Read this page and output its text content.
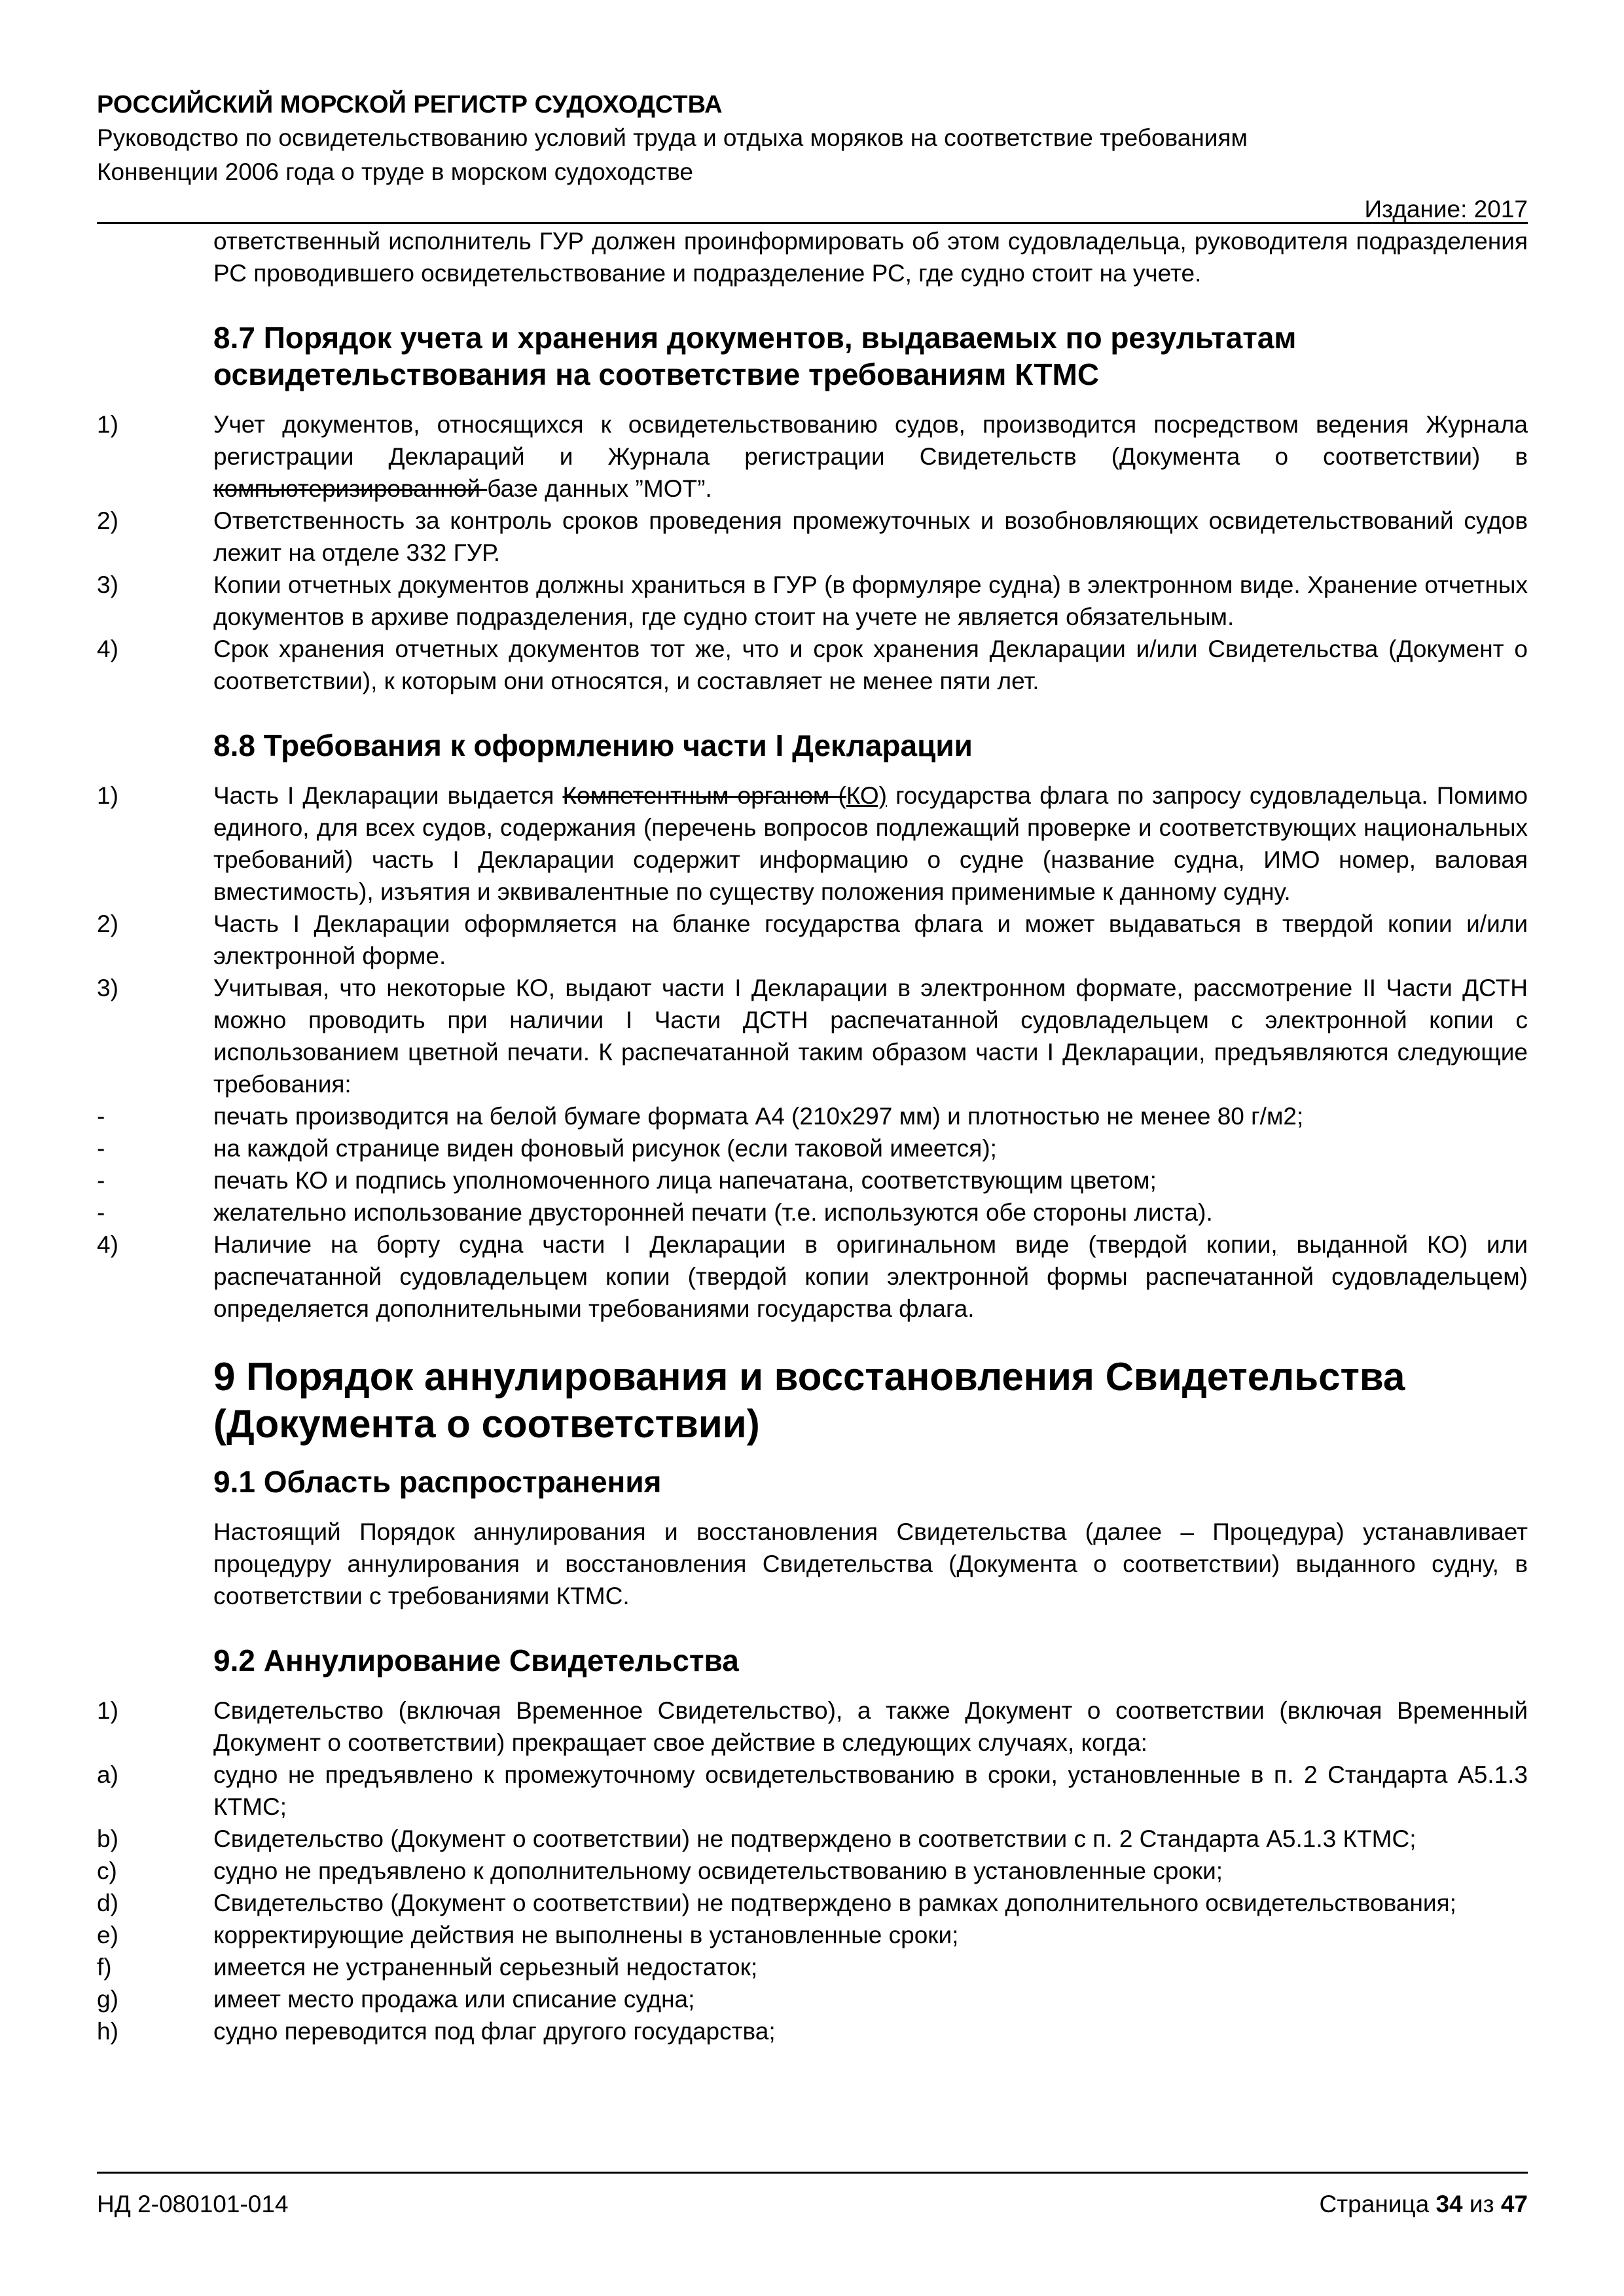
РОССИЙСКИЙ МОРСКОЙ РЕГИСТР СУДОХОДСТВА

Руководство по освидетельствованию условий труда и отдыха моряков на соответствие требованиям

Конвенции 2006 года о труде в морском судоходстве

Издание: 2017

ответственный исполнитель ГУР должен проинформировать об этом судовладельца, руководителя подразделения РС проводившего освидетельствование и подразделение РС, где судно стоит на учете.

8.7 Порядок учета и хранения документов, выдаваемых по результатам
освидетельствования на соответствие требованиям КТМС
1)	Учет документов, относящихся к освидетельствованию судов, производится посредством ведения Журнала регистрации Деклараций и Журнала регистрации Свидетельств (Документа о соответствии) в компьютеризированной базе данных ”МОТ”.

2)	Ответственность за контроль сроков проведения промежуточных и возобновляющих освидетельствований судов лежит на отделе 332 ГУР.

3)	Копии отчетных документов должны храниться в ГУР (в формуляре судна) в электронном виде. Хранение отчетных документов в архиве подразделения, где судно стоит на учете не является обязательным.

4)	Срок хранения отчетных документов тот же, что и срок хранения Декларации и/или Свидетельства (Документ о соответствии), к которым они относятся, и составляет не менее пяти лет.

8.8 Требования к оформлению части I Декларации
1)	Часть I Декларации выдается Компетентным органом (КО) государства флага по запросу судовладельца. Помимо единого, для всех судов, содержания (перечень вопросов подлежащий проверке и соответствующих национальных требований) часть I Декларации содержит информацию о судне (название судна, ИМО номер, валовая вместимость), изъятия и эквивалентные по существу положения применимые к данному судну.

2)	Часть I Декларации оформляется на бланке государства флага и может выдаваться в твердой копии и/или электронной форме.

3)	Учитывая, что некоторые КО, выдают части I Декларации в электронном формате, рассмотрение II Части ДСТН можно проводить при наличии I Части ДСТН распечатанной судовладельцем с электронной копии с использованием цветной печати. К распечатанной таким образом части I Декларации, предъявляются следующие требования:

-	печать производится на белой бумаге формата А4 (210x297 мм) и плотностью не менее 80 г/м2;

-	на каждой странице виден фоновый рисунок (если таковой имеется);

-	печать КО и подпись уполномоченного лица напечатана, соответствующим цветом;

-	желательно использование двусторонней печати (т.е. используются обе стороны листа).

4)	Наличие на борту судна части I Декларации в оригинальном виде (твердой копии, выданной КО) или распечатанной судовладельцем копии (твердой копии электронной формы распечатанной судовладельцем) определяется дополнительными требованиями государства флага.

9 Порядок аннулирования и восстановления Свидетельства
(Документа о соответствии)
9.1 Область распространения

Настоящий Порядок аннулирования и восстановления Свидетельства (далее – Процедура) устанавливает процедуру аннулирования и восстановления Свидетельства (Документа о соответствии) выданного судну, в соответствии с требованиями КТМС.

9.2 Аннулирование Свидетельства
1)	Свидетельство (включая Временное Свидетельство), а также Документ о соответствии (включая Временный Документ о соответствии) прекращает свое действие в следующих случаях, когда:

a)	судно не предъявлено к промежуточному освидетельствованию в сроки, установленные в п. 2 Стандарта А5.1.3 КТМС;

b)	Свидетельство (Документ о соответствии) не подтверждено в соответствии с п. 2 Стандарта А5.1.3 КТМС;

c)	судно не предъявлено к дополнительному освидетельствованию в установленные сроки;

d)	Свидетельство (Документ о соответствии) не подтверждено в рамках дополнительного освидетельствования;

e)	корректирующие действия не выполнены в установленные сроки;

f)	имеется не устраненный серьезный недостаток;

g)	имеет место продажа или списание судна;

h)	судно переводится под флаг другого государства;

НД 2-080101-014	Страница 34 из 47
